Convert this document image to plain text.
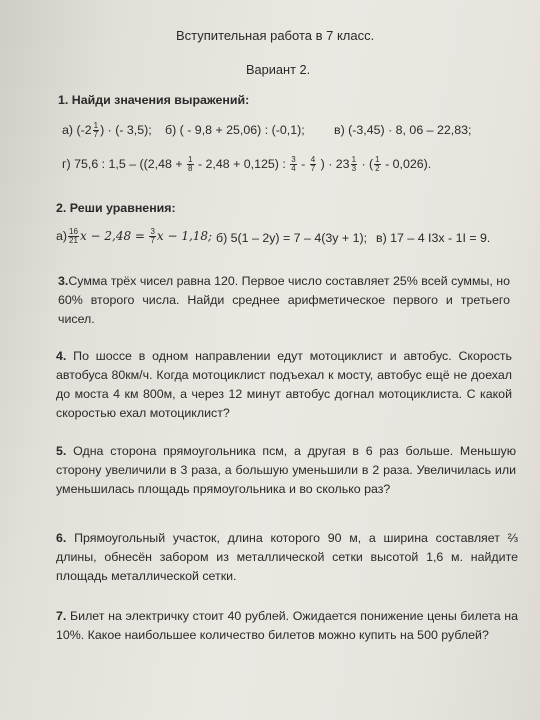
Вступительная работа в 7 класс.
Вариант 2.
1. Найди значения выражений:
а) ($-2 \frac{1}{7}$ ) · (- 3,5); б) ( - 9,8 + 25,06) : (-0,1); в) (-3,45) · 8, 06 – 22,83;
г) 75,6 : $1,5 - ((2,48 + \frac{1}{8} - 2,48 + 0,125)$ : $\frac{3}{4} - \frac{4}{7}$ ) · $23 \frac{1}{3}$ · ( $\frac{1}{2} - 0,026$).
2. Реши уравнения:
$а) \frac{16}{21}$ $x - 2,48 = \frac{3}{7}$ x − 1,18; б) 5(1 – 2y) = 7 – 4(3y + 1); в) 17 – 4 I3x - 1I = 9.
3.Сумма трёх чисел равна 120. Первое число составляет 25% всей суммы, но 60% второго числа. Найди среднее арифметическое первого и третьего чисел.
4. По шоссе в одном направлении едут мотоциклист и автобус. Скорость автобуса 80км/ч. Когда мотоциклист подъехал к мосту, автобус ещё не доехал до моста 4 км 800м, а через 12 минут автобус догнал мотоциклиста. С какой скоростью ехал мотоциклист?
5. Одна сторона прямоугольника псм, а другая в 6 раз больше. Меньшую сторону увеличили в 3 раза, а большую уменьшили в 2 раза. Увеличилась или уменьшилась площадь прямоугольника и во сколько раз?
6. Прямоугольный участок, длина которого 90 м, а ширина составляет ⅔ длины, обнесён забором из металлической сетки высотой 1,6 м. найдите площадь металлической сетки.
7. Билет на электричку стоит 40 рублей. Ожидается понижение цены билета на 10%. Какое наибольшее количество билетов можно купить на 500 рублей?
